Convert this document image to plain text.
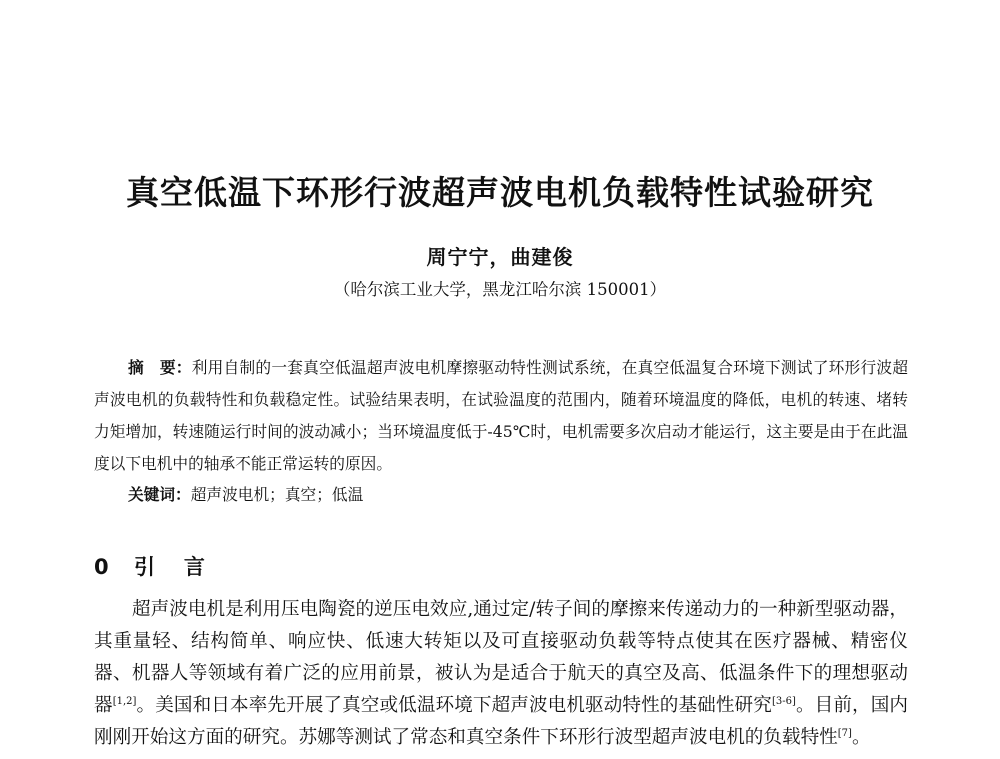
真空低温下环形行波超声波电机负载特性试验研究
周宁宁，曲建俊
（哈尔滨工业大学，黑龙江哈尔滨 150001）
摘　要：利用自制的一套真空低温超声波电机摩擦驱动特性测试系统，在真空低温复合环境下测试了环形行波超声波电机的负载特性和负载稳定性。试验结果表明，在试验温度的范围内，随着环境温度的降低，电机的转速、堵转力矩增加，转速随运行时间的波动减小；当环境温度低于-45℃时，电机需要多次启动才能运行，这主要是由于在此温度以下电机中的轴承不能正常运转的原因。
关键词：超声波电机；真空；低温
0 引　言
超声波电机是利用压电陶瓷的逆压电效应,通过定/转子间的摩擦来传递动力的一种新型驱动器，其重量轻、结构简单、响应快、低速大转矩以及可直接驱动负载等特点使其在医疗器械、精密仪器、机器人等领域有着广泛的应用前景，被认为是适合于航天的真空及高、低温条件下的理想驱动器[1,2]。美国和日本率先开展了真空或低温环境下超声波电机驱动特性的基础性研究[3-6]。目前，国内刚刚开始这方面的研究。苏娜等测试了常态和真空条件下环形行波型超声波电机的负载特性[7]。
